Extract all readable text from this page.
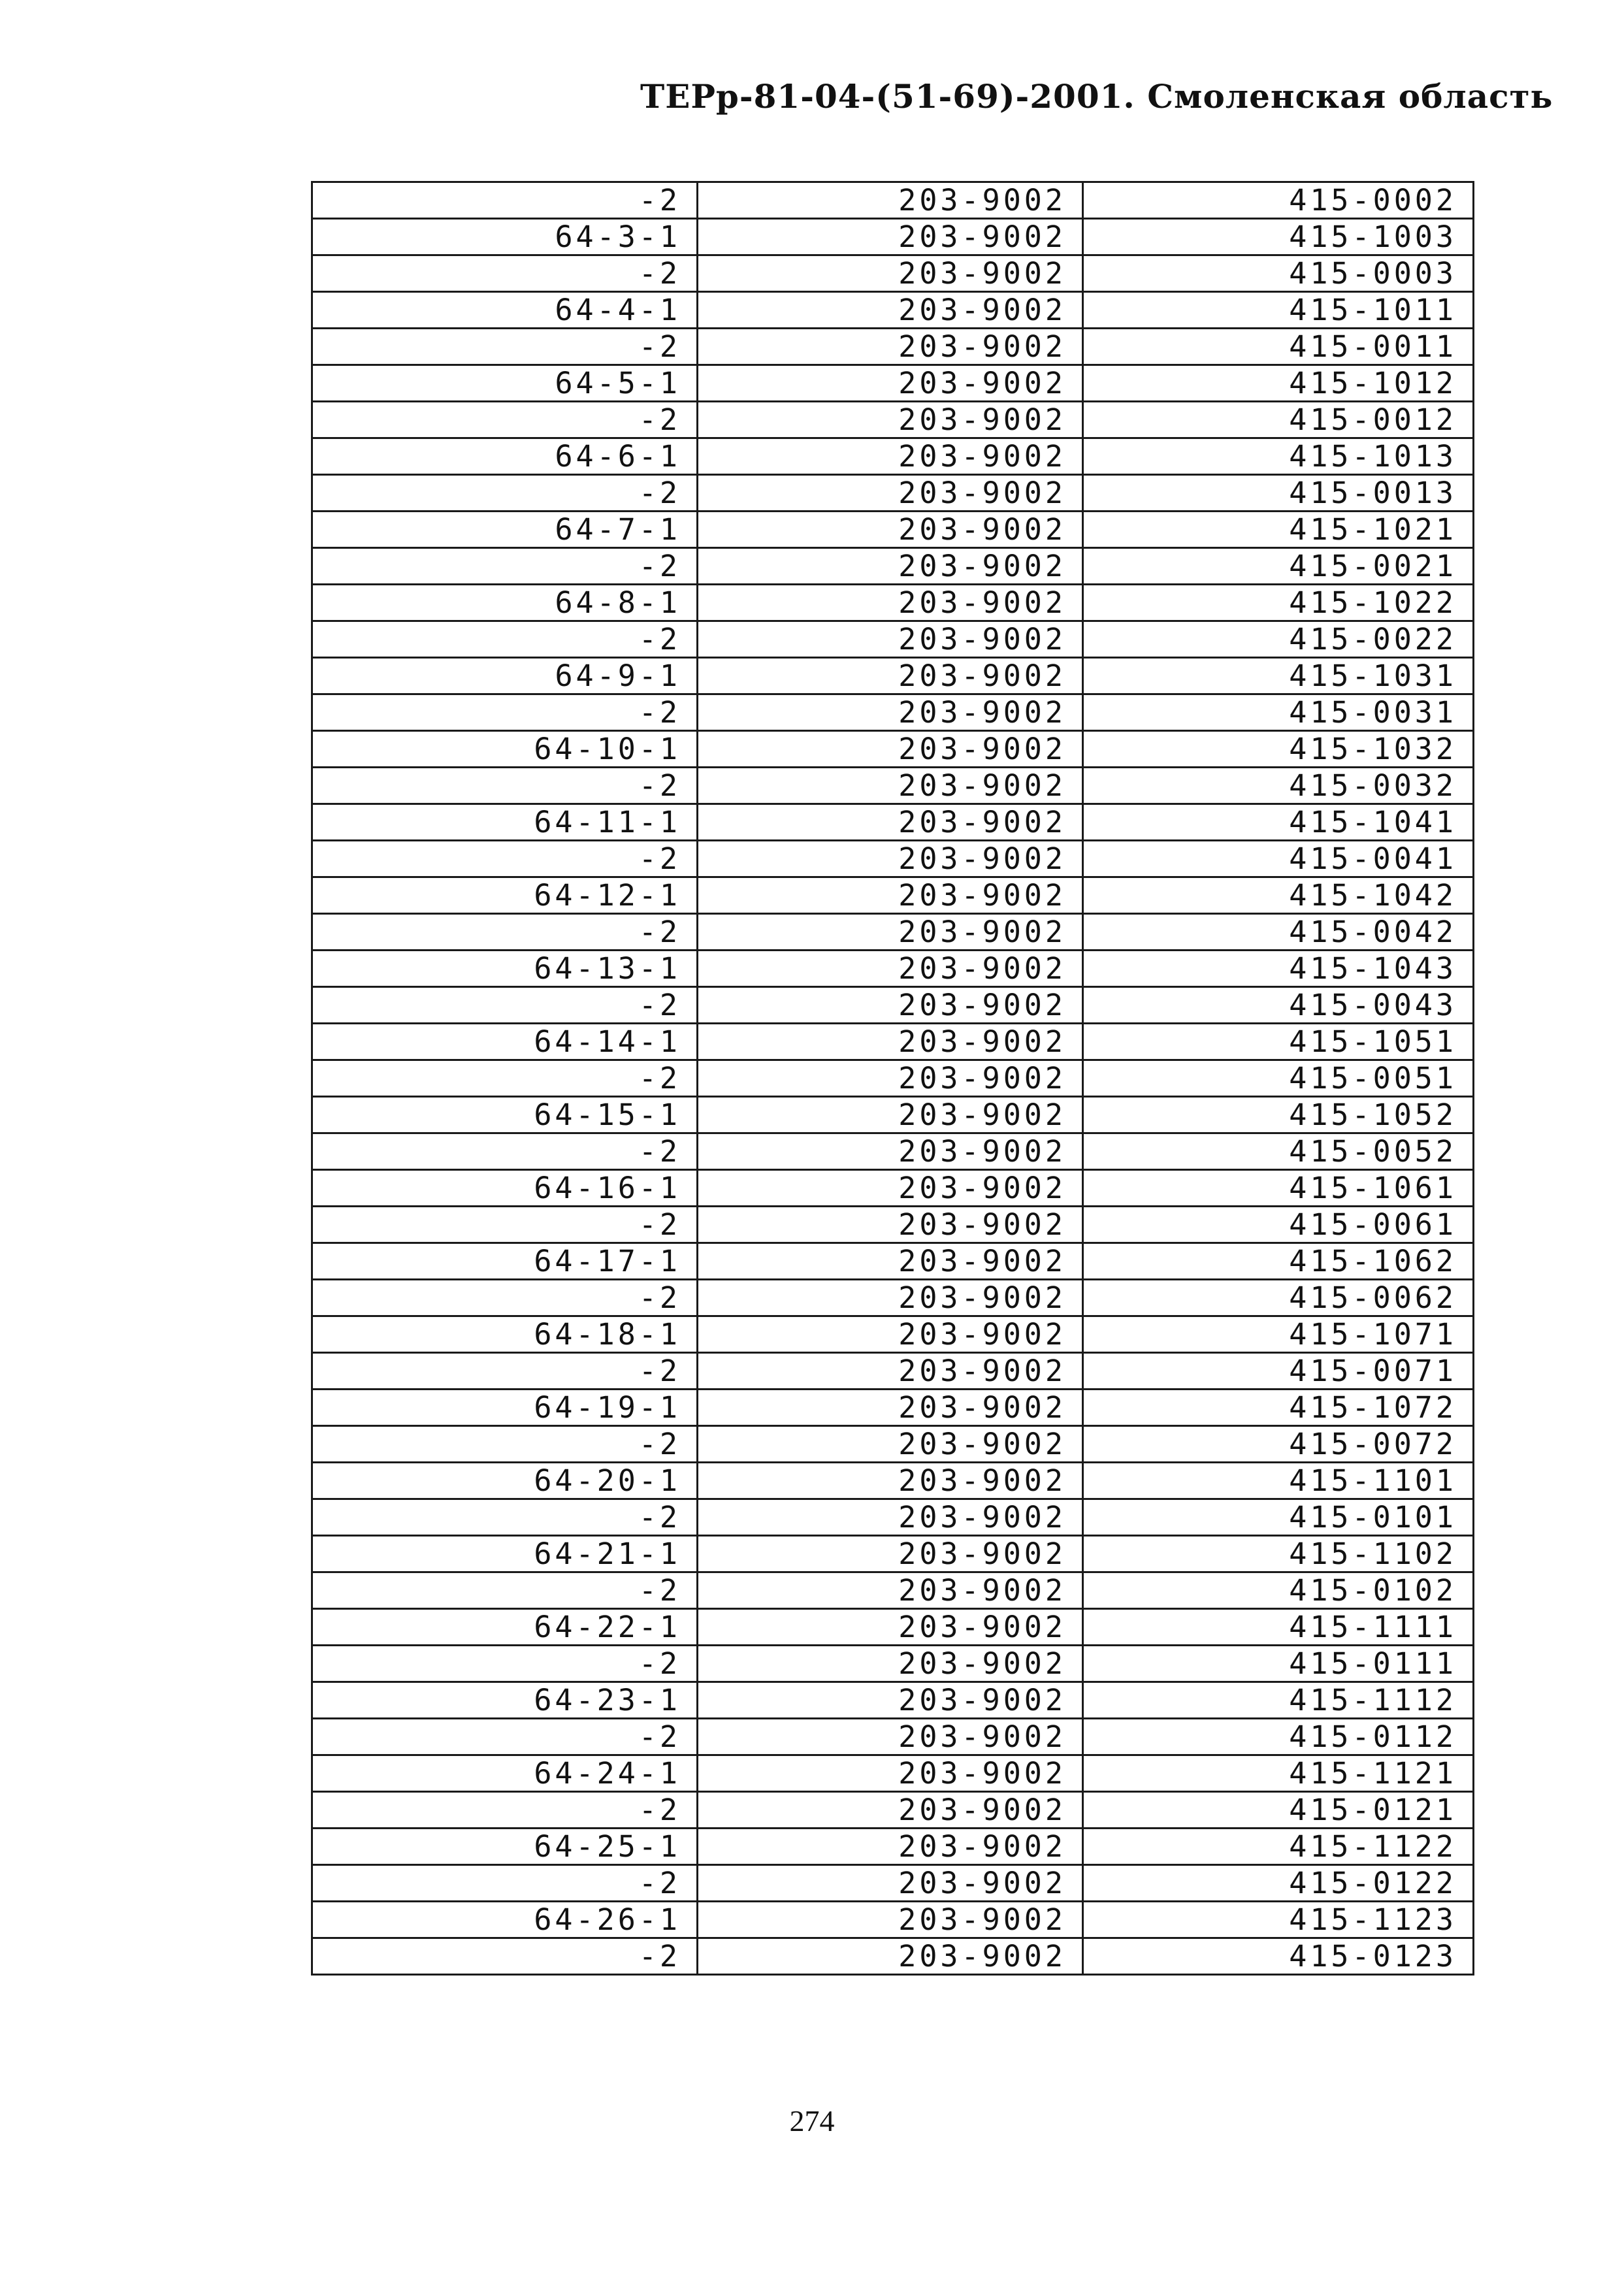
ТЕРр-81-04-(51-69)-2001. Смоленская область
-2	203-9002	415-0002
64-3-1	203-9002	415-1003
-2	203-9002	415-0003
64-4-1	203-9002	415-1011
-2	203-9002	415-0011
64-5-1	203-9002	415-1012
-2	203-9002	415-0012
64-6-1	203-9002	415-1013
-2	203-9002	415-0013
64-7-1	203-9002	415-1021
-2	203-9002	415-0021
64-8-1	203-9002	415-1022
-2	203-9002	415-0022
64-9-1	203-9002	415-1031
-2	203-9002	415-0031
64-10-1	203-9002	415-1032
-2	203-9002	415-0032
64-11-1	203-9002	415-1041
-2	203-9002	415-0041
64-12-1	203-9002	415-1042
-2	203-9002	415-0042
64-13-1	203-9002	415-1043
-2	203-9002	415-0043
64-14-1	203-9002	415-1051
-2	203-9002	415-0051
64-15-1	203-9002	415-1052
-2	203-9002	415-0052
64-16-1	203-9002	415-1061
-2	203-9002	415-0061
64-17-1	203-9002	415-1062
-2	203-9002	415-0062
64-18-1	203-9002	415-1071
-2	203-9002	415-0071
64-19-1	203-9002	415-1072
-2	203-9002	415-0072
64-20-1	203-9002	415-1101
-2	203-9002	415-0101
64-21-1	203-9002	415-1102
-2	203-9002	415-0102
64-22-1	203-9002	415-1111
-2	203-9002	415-0111
64-23-1	203-9002	415-1112
-2	203-9002	415-0112
64-24-1	203-9002	415-1121
-2	203-9002	415-0121
64-25-1	203-9002	415-1122
-2	203-9002	415-0122
64-26-1	203-9002	415-1123
-2	203-9002	415-0123
274
